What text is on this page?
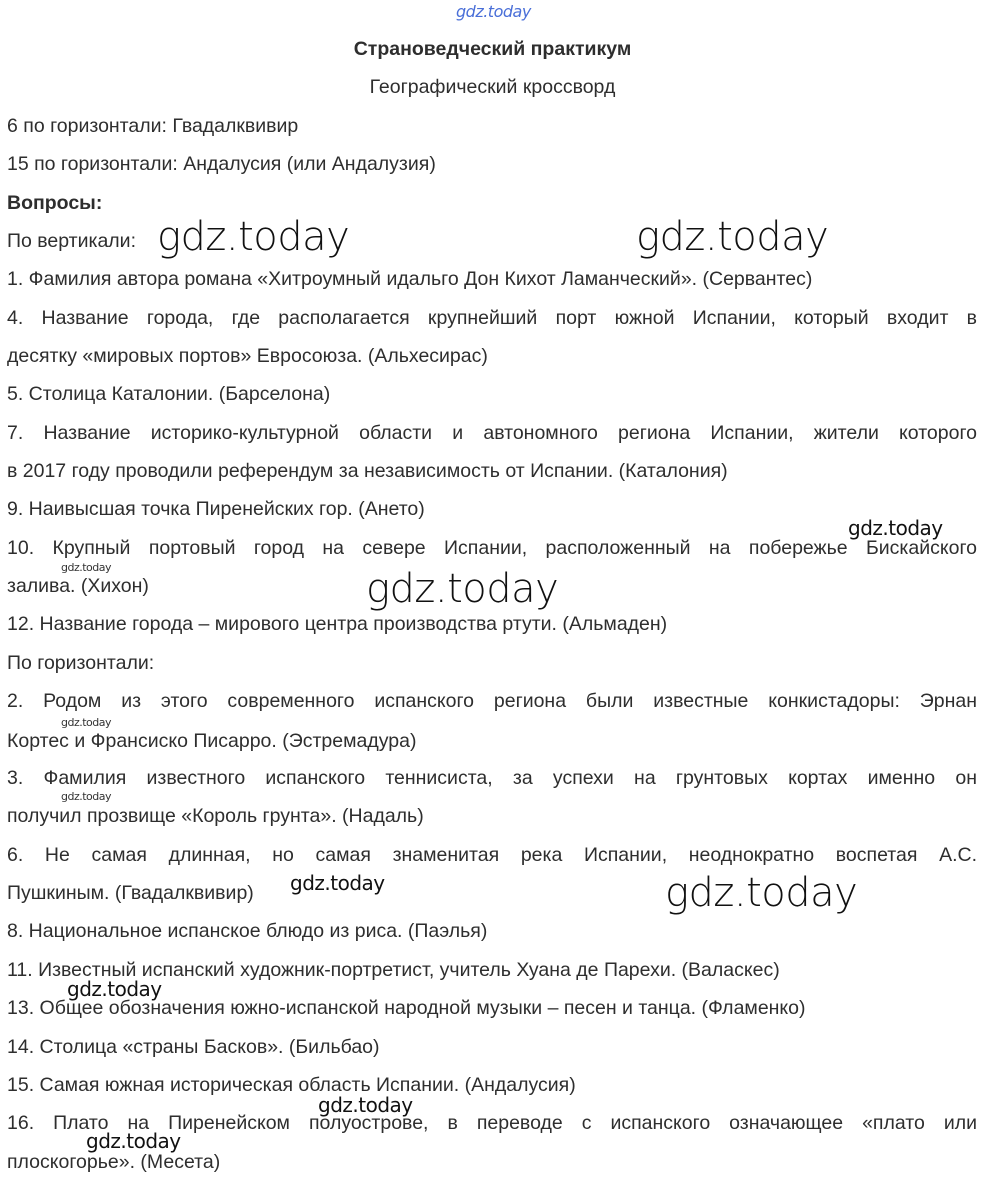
gdz.today
Страноведческий практикум
Географический кроссворд
6 по горизонтали: Гвадалквивир
15 по горизонтали: Андалусия (или Андалузия)
Вопросы:
По вертикали:
1. Фамилия автора романа «Хитроумный идальго Дон Кихот Ламанческий». (Сервантес)
4. Название города, где располагается крупнейший порт южной Испании, который входит в
десятку «мировых портов» Евросоюза. (Альхесирас)
5. Столица Каталонии. (Барселона)
7. Название историко-культурной области и автономного региона Испании, жители которого
в 2017 году проводили референдум за независимость от Испании. (Каталония)
9. Наивысшая точка Пиренейских гор. (Ането)
10. Крупный портовый город на севере Испании, расположенный на побережье Бискайского
залива. (Хихон)
12. Название города – мирового центра производства ртути. (Альмаден)
По горизонтали:
2. Родом из этого современного испанского региона были известные конкистадоры: Эрнан
Кортес и Франсиско Писарро. (Эстремадура)
3. Фамилия известного испанского теннисиста, за успехи на грунтовых кортах именно он
получил прозвище «Король грунта». (Надаль)
6. Не самая длинная, но самая знаменитая река Испании, неоднократно воспетая А.С.
Пушкиным. (Гвадалквивир)
8. Национальное испанское блюдо из риса. (Паэлья)
11. Известный испанский художник-портретист, учитель Хуана де Парехи. (Валаскес)
13. Общее обозначения южно-испанской народной музыки – песен и танца. (Фламенко)
14. Столица «страны Басков». (Бильбао)
15. Самая южная историческая область Испании. (Андалусия)
16. Плато на Пиренейском полуострове, в переводе с испанского означающее «плато или
плоскогорье». (Месета)
gdz.today	gdz.today
gdz.today
gdz.today	gdz.today
gdz.today
gdz.today
gdz.today	gdz.today
gdz.today
gdz.today
gdz.today
